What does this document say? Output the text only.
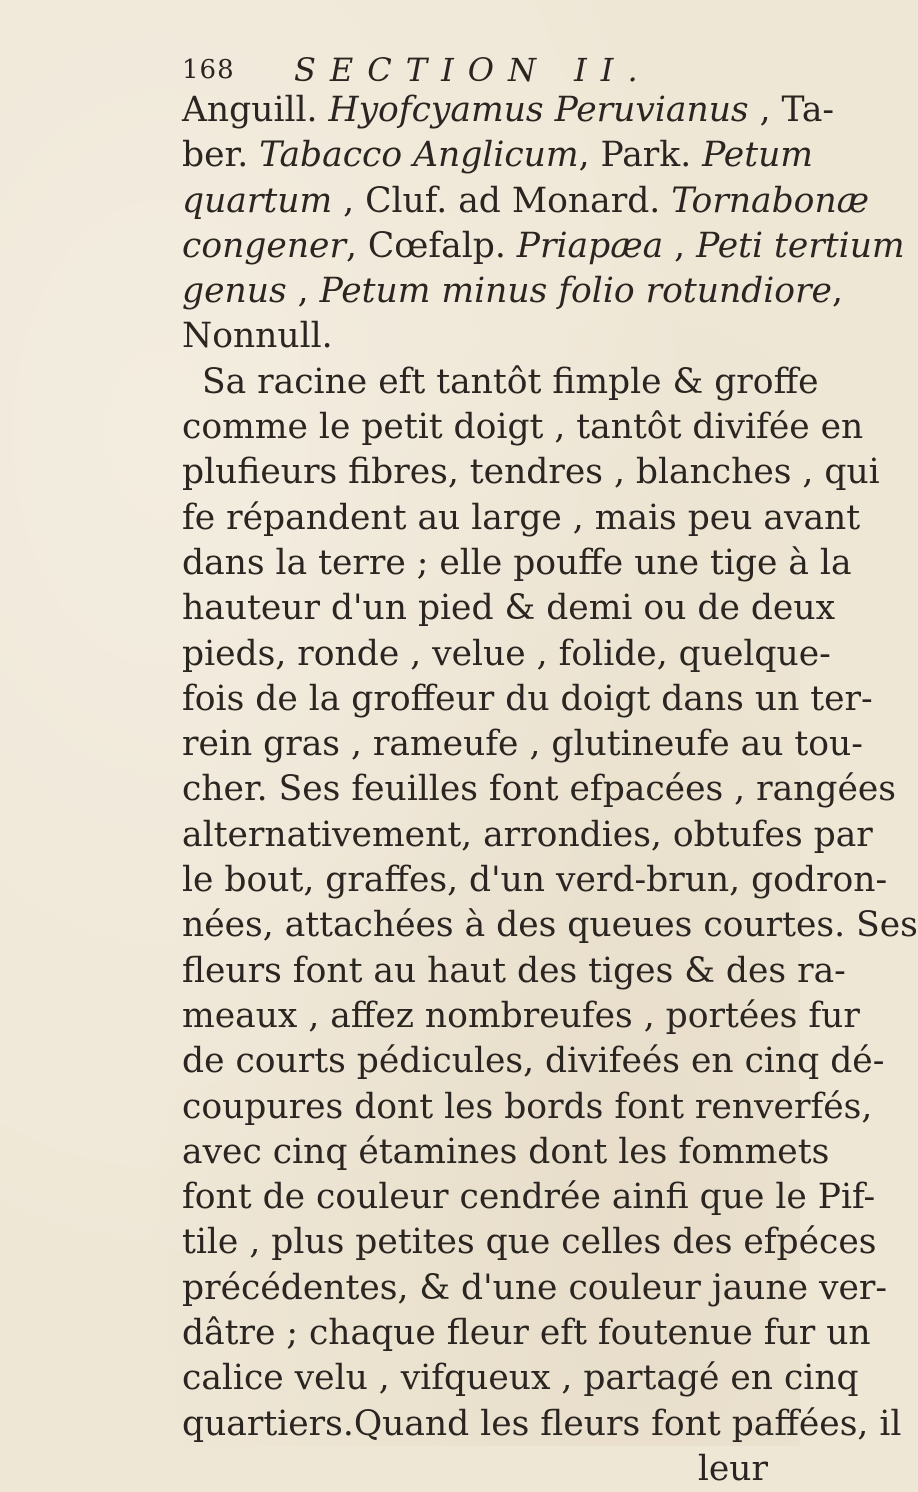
168 SECTION II.
Anguill. Hyofcyamus Peruvianus , Ta-
ber. Tabacco Anglicum, Park. Petum
quartum , Cluf. ad Monard. Tornabonæ
congener, Cœfalp. Priapæa , Peti tertium
genus , Petum minus folio rotundiore,
Nonnull.
Sa racine eft tantôt fimple & groffe
comme le petit doigt , tantôt divifée en
plufieurs fibres, tendres , blanches , qui
fe répandent au large , mais peu avant
dans la terre ; elle pouffe une tige à la
hauteur d'un pied & demi ou de deux
pieds, ronde , velue , folide, quelque-
fois de la groffeur du doigt dans un ter-
rein gras , rameufe , glutineufe au tou-
cher. Ses feuilles font efpacées , rangées
alternativement, arrondies, obtufes par
le bout, graffes, d'un verd-brun, godron-
nées, attachées à des queues courtes. Ses
fleurs font au haut des tiges & des ra-
meaux , affez nombreufes , portées fur
de courts pédicules, divifeés en cinq dé-
coupures dont les bords font renverfés,
avec cinq étamines dont les fommets
font de couleur cendrée ainfi que le Pif-
tile , plus petites que celles des efpéces
précédentes, & d'une couleur jaune ver-
dâtre ; chaque fleur eft foutenue fur un
calice velu , vifqueux , partagé en cinq
quartiers.Quand les fleurs font paffées, il
leur
